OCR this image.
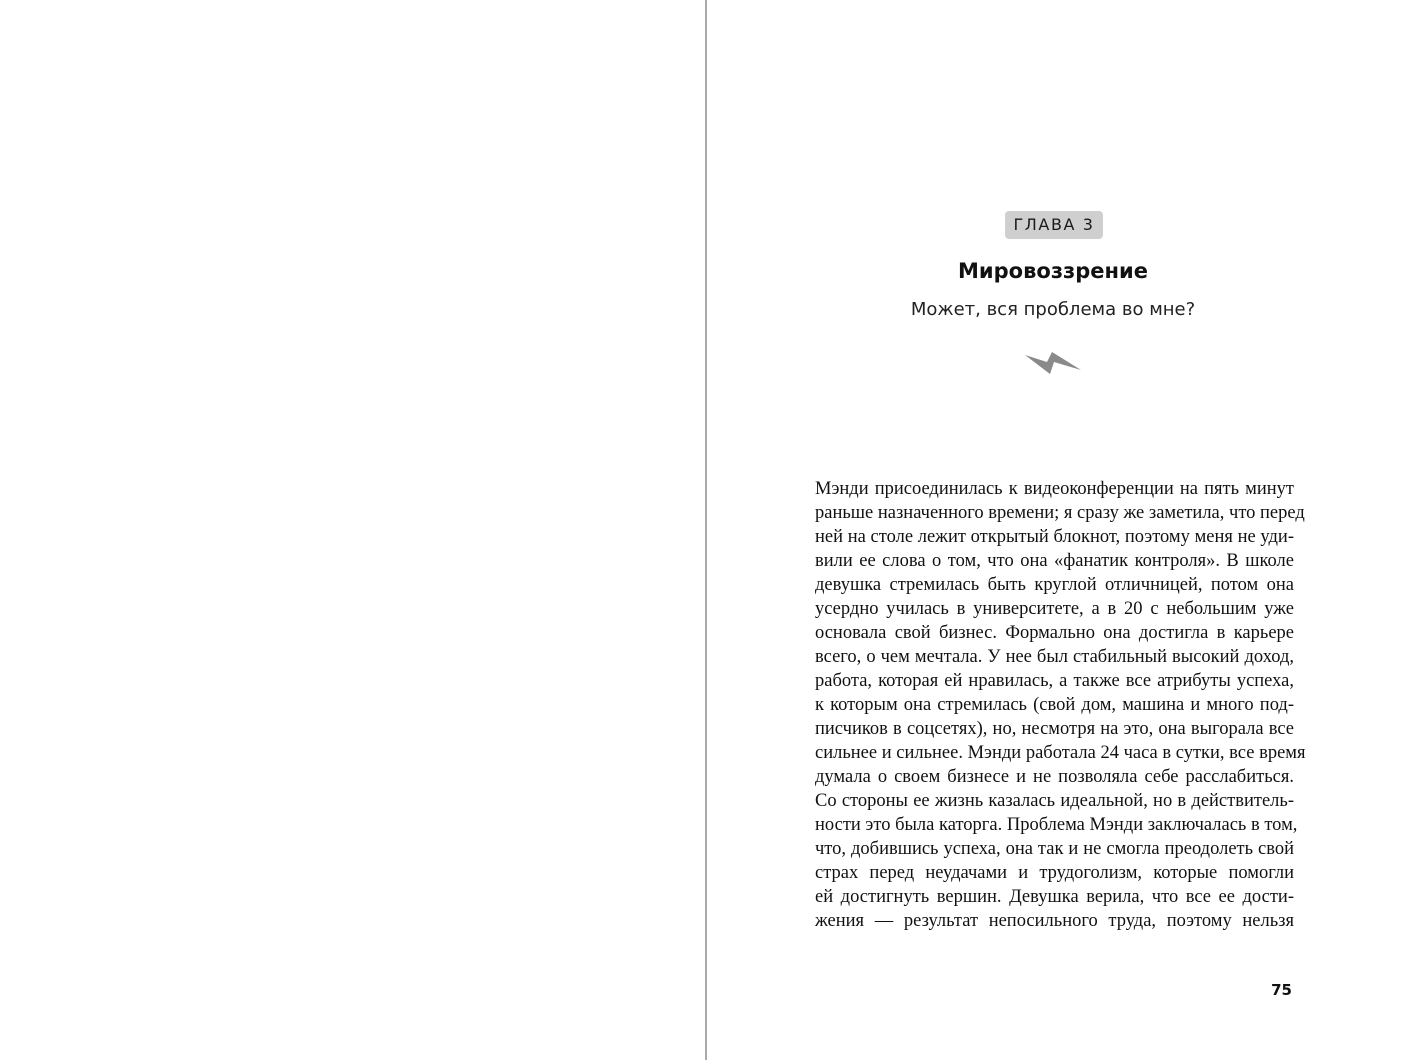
ГЛАВА 3
Мировоззрение
Может, вся проблема во мне?
Мэнди присоединилась к видеоконференции на пять минут
раньше назначенного времени; я сразу же заметила, что перед
ней на столе лежит открытый блокнот, поэтому меня не уди-
вили ее слова о том, что она «фанатик контроля». В школе
девушка стремилась быть круглой отличницей, потом она
усердно училась в университете, а в 20 с небольшим уже
основала свой бизнес. Формально она достигла в карьере
всего, о чем мечтала. У нее был стабильный высокий доход,
работа, которая ей нравилась, а также все атрибуты успеха,
к которым она стремилась (свой дом, машина и много под-
писчиков в соцсетях), но, несмотря на это, она выгорала все
сильнее и сильнее. Мэнди работала 24 часа в сутки, все время
думала о своем бизнесе и не позволяла себе расслабиться.
Со стороны ее жизнь казалась идеальной, но в действитель-
ности это была каторга. Проблема Мэнди заключалась в том,
что, добившись успеха, она так и не смогла преодолеть свой
страх перед неудачами и трудоголизм, которые помогли
ей достигнуть вершин. Девушка верила, что все ее дости-
жения — результат непосильного труда, поэтому нельзя
75
